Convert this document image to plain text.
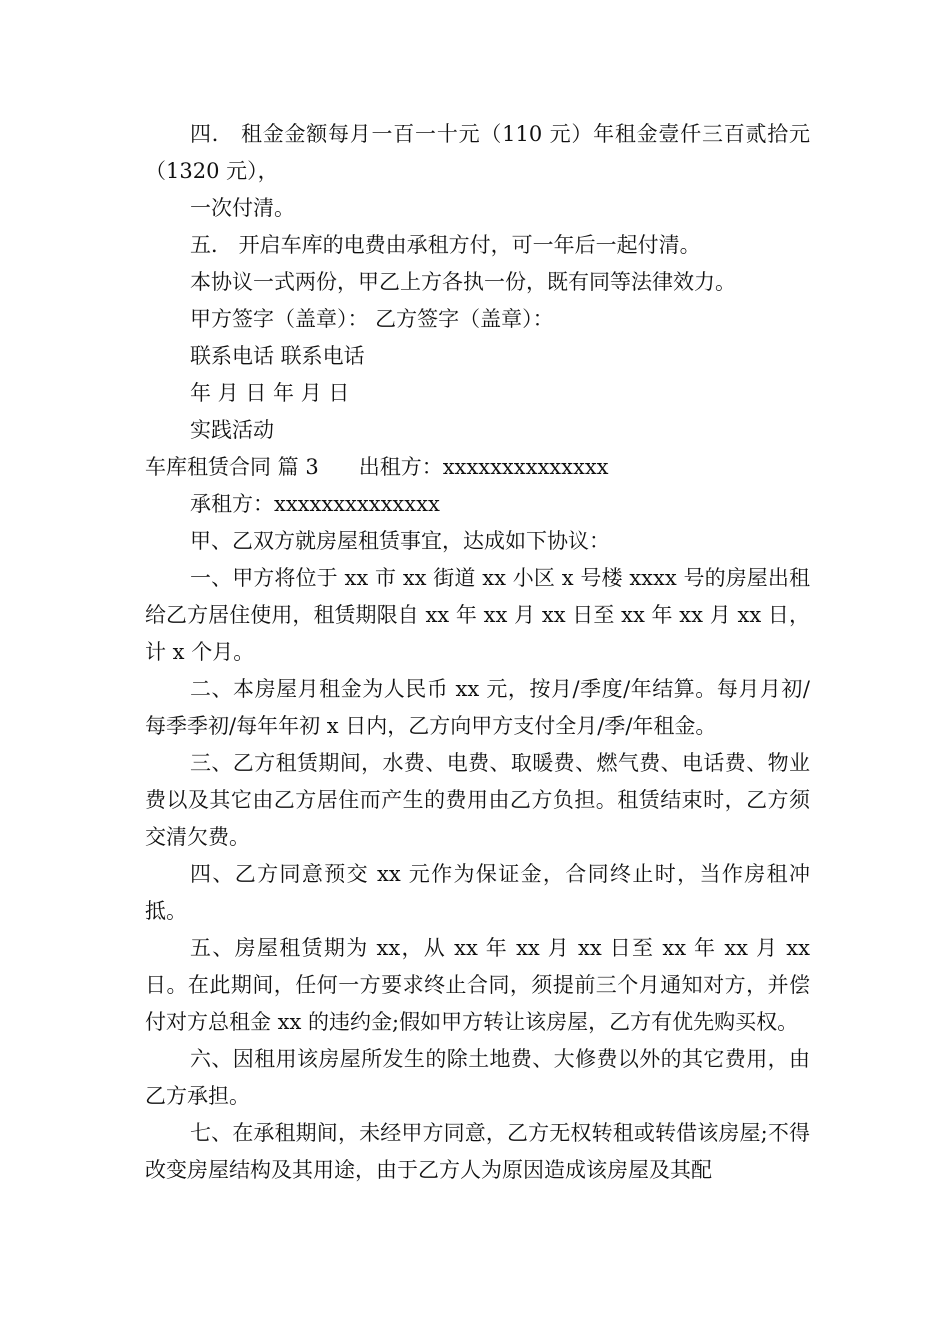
四． 租金金额每月一百一十元（110 元）年租金壹仟三百贰拾元（1320 元），

一次付清。

五． 开启车库的电费由承租方付，可一年后一起付清。

本协议一式两份，甲乙上方各执一份，既有同等法律效力。

甲方签字（盖章）： 乙方签字（盖章）：

联系电话 联系电话

年 月 日 年 月 日

实践活动

车库租赁合同 篇 3 出租方：xxxxxxxxxxxxxx

承租方：xxxxxxxxxxxxxx

甲、乙双方就房屋租赁事宜，达成如下协议：

一、甲方将位于 xx 市 xx 街道 xx 小区 x 号楼 xxxx 号的房屋出租给乙方居住使用，租赁期限自 xx 年 xx 月 xx 日至 xx 年 xx 月 xx 日，计 x 个月。

二、本房屋月租金为人民币 xx 元，按月/季度/年结算。每月月初/每季季初/每年年初 x 日内，乙方向甲方支付全月/季/年租金。

三、乙方租赁期间，水费、电费、取暖费、燃气费、电话费、物业费以及其它由乙方居住而产生的费用由乙方负担。租赁结束时，乙方须交清欠费。

四、乙方同意预交 xx 元作为保证金，合同终止时，当作房租冲抵。

五、房屋租赁期为 xx，从 xx 年 xx 月 xx 日至 xx 年 xx 月 xx 日。在此期间，任何一方要求终止合同，须提前三个月通知对方，并偿付对方总租金 xx 的违约金;假如甲方转让该房屋，乙方有优先购买权。

六、因租用该房屋所发生的除土地费、大修费以外的其它费用，由乙方承担。

七、在承租期间，未经甲方同意，乙方无权转租或转借该房屋;不得改变房屋结构及其用途，由于乙方人为原因造成该房屋及其配
